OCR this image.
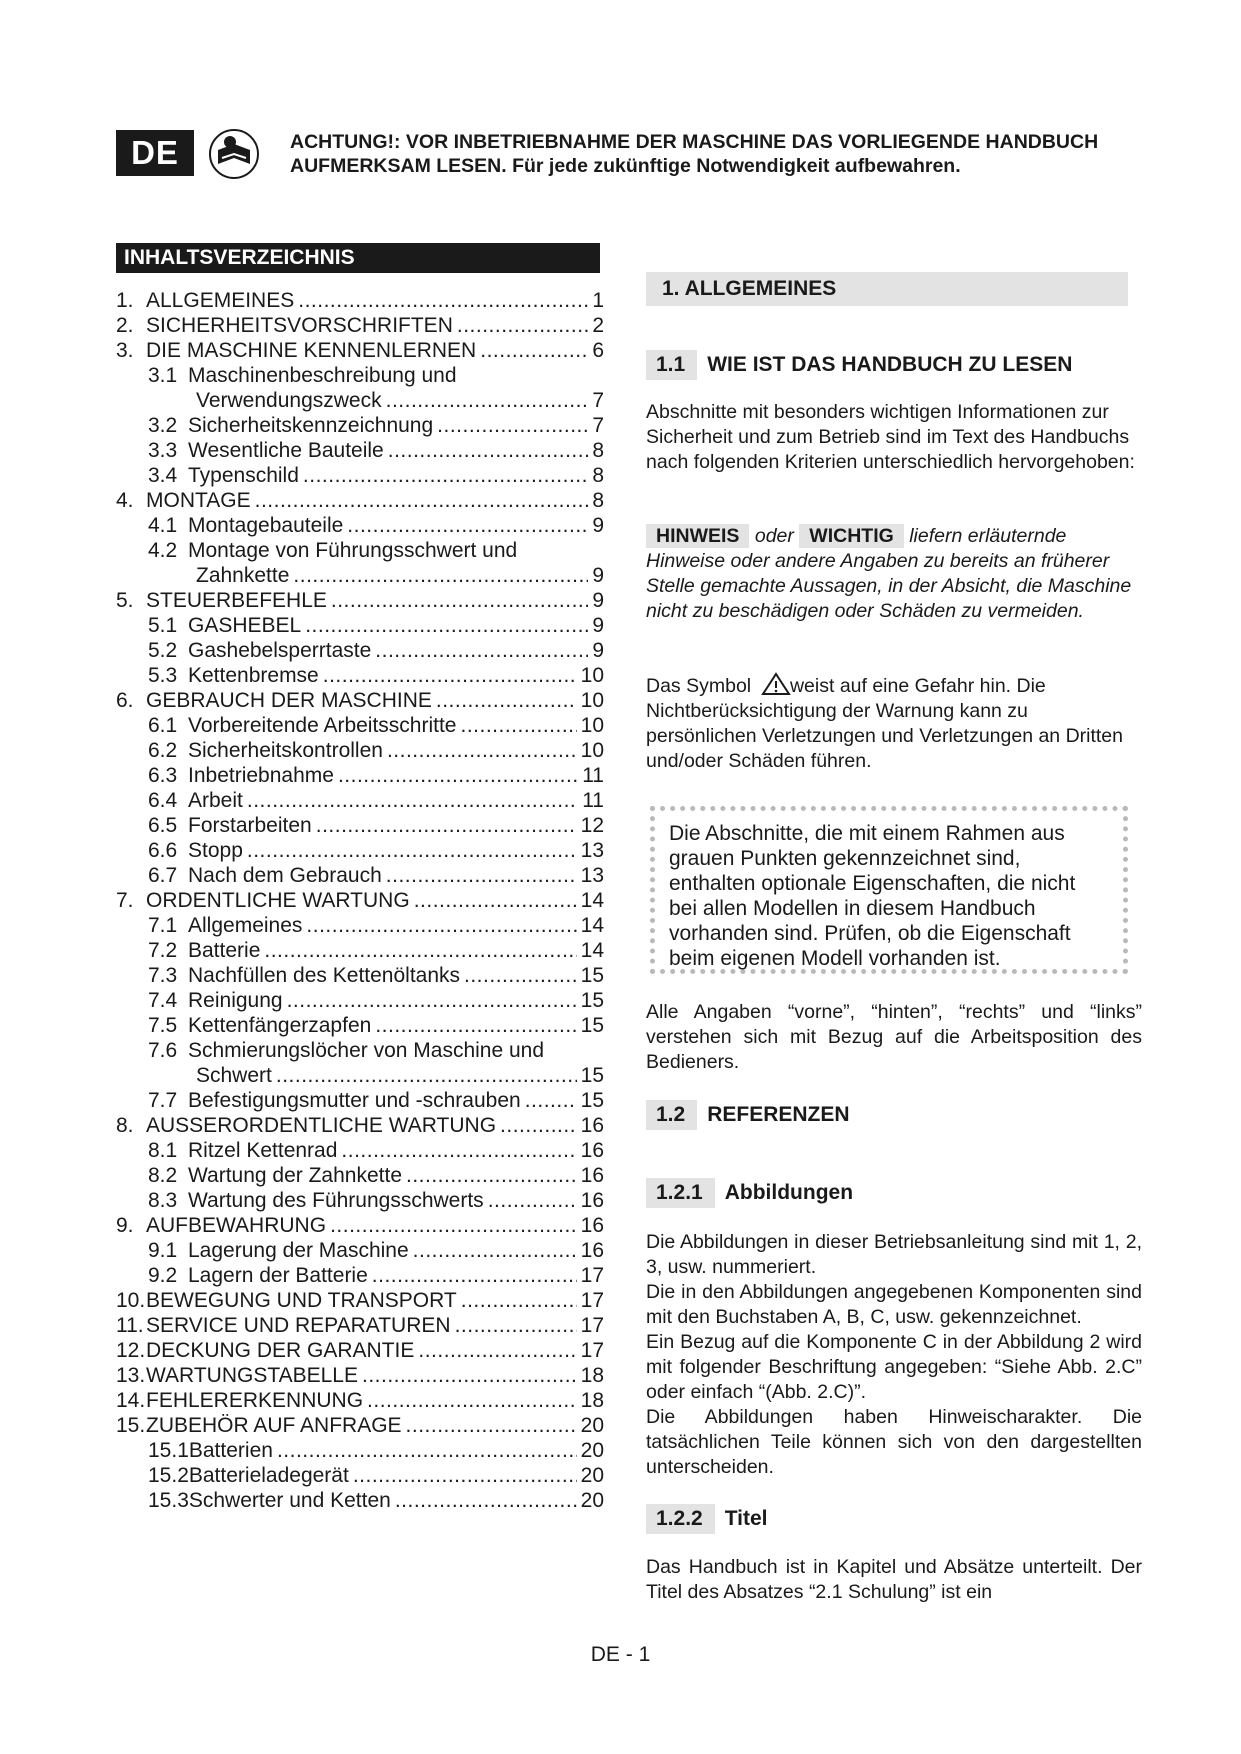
DE	ACHTUNG!: VOR INBETRIEBNAHME DER MASCHINE DAS VORLIEGENDE HANDBUCH
AUFMERKSAM LESEN. Für jede zukünftige Notwendigkeit aufbewahren.
INHALTSVERZEICHNIS
1. ALLGEMEINES .....	1
2. SICHERHEITSVORSCHRIFTEN .....	2
3. DIE MASCHINE KENNENLERNEN .....	6
3.1 Maschinenbeschreibung und
Verwendungszweck .....	7
3.2 Sicherheitskennzeichnung .....	7
3.3 Wesentliche Bauteile .....	8
3.4 Typenschild .....	8
4. MONTAGE .....	8
4.1 Montagebauteile .....	9
4.2 Montage von Führungsschwert und
Zahnkette .....	9
5. STEUERBEFEHLE .....	9
5.1 GASHEBEL .....	9
5.2 Gashebelsperrtaste .....	9
5.3 Kettenbremse .....	10
6. GEBRAUCH DER MASCHINE .....	10
6.1 Vorbereitende Arbeitsschritte .....	10
6.2 Sicherheitskontrollen .....	10
6.3 Inbetriebnahme .....	11
6.4 Arbeit .....	11
6.5 Forstarbeiten .....	12
6.6 Stopp .....	13
6.7 Nach dem Gebrauch .....	13
7. ORDENTLICHE WARTUNG .....	14
7.1 Allgemeines .....	14
7.2 Batterie .....	14
7.3 Nachfüllen des Kettenöltanks .....	15
7.4 Reinigung .....	15
7.5 Kettenfängerzapfen .....	15
7.6 Schmierungslöcher von Maschine und
Schwert .....	15
7.7 Befestigungsmutter und -schrauben .....	15
8. AUSSERORDENTLICHE WARTUNG .....	16
8.1 Ritzel Kettenrad .....	16
8.2 Wartung der Zahnkette .....	16
8.3 Wartung des Führungsschwerts .....	16
9. AUFBEWAHRUNG .....	16
9.1 Lagerung der Maschine .....	16
9.2 Lagern der Batterie .....	17
10. BEWEGUNG UND TRANSPORT .....	17
11. SERVICE UND REPARATUREN .....	17
12. DECKUNG DER GARANTIE .....	17
13. WARTUNGSTABELLE .....	18
14. FEHLERERKENNUNG .....	18
15. ZUBEHÖR AUF ANFRAGE .....	20
15.1 Batterien .....	20
15.2 Batterieladegerät .....	20
15.3 Schwerter und Ketten .....	20
1. ALLGEMEINES
1.1	WIE IST DAS HANDBUCH ZU LESEN
Abschnitte mit besonders wichtigen Informationen zur Sicherheit und zum Betrieb sind im Text des Handbuchs nach folgenden Kriterien unterschiedlich hervorgehoben:
HINWEIS oder WICHTIG liefern erläuternde Hinweise oder andere Angaben zu bereits an früherer Stelle gemachte Aussagen, in der Absicht, die Maschine nicht zu beschädigen oder Schäden zu vermeiden.
Das Symbol weist auf eine Gefahr hin. Die Nichtberücksichtigung der Warnung kann zu persönlichen Verletzungen und Verletzungen an Dritten und/oder Schäden führen.
Die Abschnitte, die mit einem Rahmen aus grauen Punkten gekennzeichnet sind, enthalten optionale Eigenschaften, die nicht bei allen Modellen in diesem Handbuch vorhanden sind. Prüfen, ob die Eigenschaft beim eigenen Modell vorhanden ist.
Alle Angaben “vorne”, “hinten”, “rechts” und “links” verstehen sich mit Bezug auf die Arbeitsposition des Bedieners.
1.2	REFERENZEN
1.2.1	Abbildungen
Die Abbildungen in dieser Betriebsanleitung sind mit 1, 2, 3, usw. nummeriert.
Die in den Abbildungen angegebenen Komponenten sind mit den Buchstaben A, B, C, usw. gekennzeichnet.
Ein Bezug auf die Komponente C in der Abbildung 2 wird mit folgender Beschriftung angegeben: “Siehe Abb. 2.C” oder einfach “(Abb. 2.C)”.
Die Abbildungen haben Hinweischarakter. Die tatsächlichen Teile können sich von den dargestellten unterscheiden.
1.2.2	Titel
Das Handbuch ist in Kapitel und Absätze unterteilt. Der Titel des Absatzes “2.1 Schulung” ist ein
DE - 1
